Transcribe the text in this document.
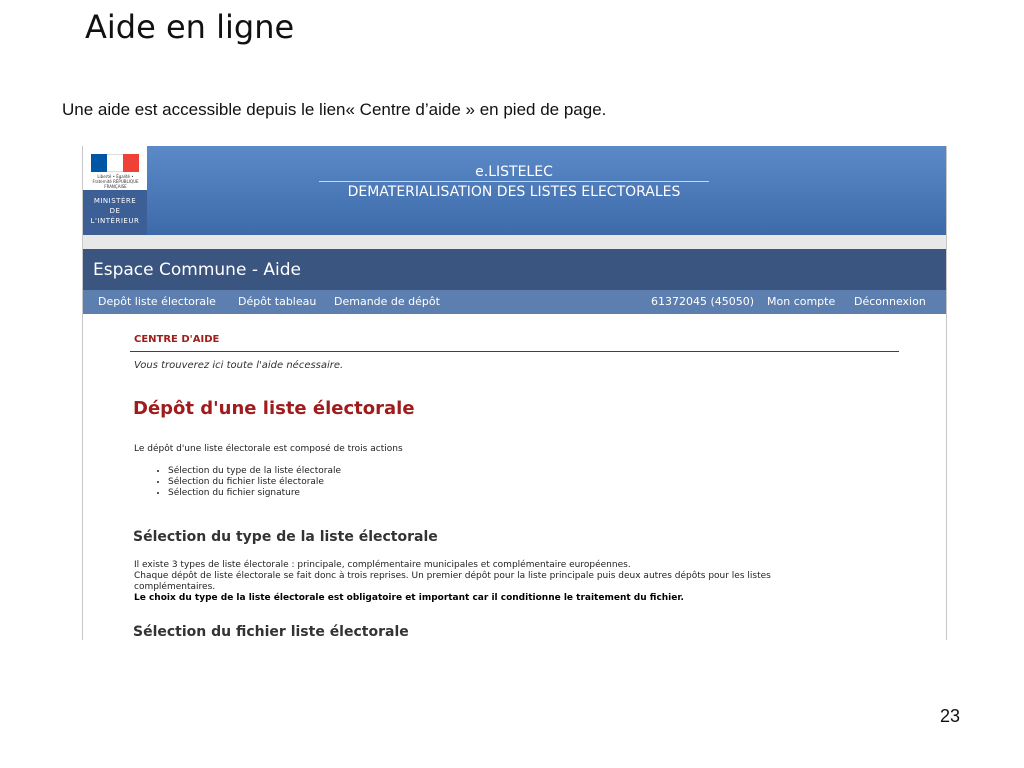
Aide en ligne
Une aide est accessible depuis le lien« Centre d’aide » en pied de page.
Liberté • Égalité • Fraternité RÉPUBLIQUE FRANÇAISE
MINISTÈRE
DE
L'INTÉRIEUR
e.LISTELEC
DEMATERIALISATION DES LISTES ELECTORALES
Espace Commune - Aide
Depôt liste électorale Dépôt tableau Demande de dépôt	61372045 (45050) Mon compte Déconnexion
CENTRE D'AIDE
Vous trouverez ici toute l'aide nécessaire.
Dépôt d'une liste électorale
Le dépôt d'une liste électorale est composé de trois actions
• Sélection du type de la liste électorale
• Sélection du fichier liste électorale
• Sélection du fichier signature
Sélection du type de la liste électorale
Il existe 3 types de liste électorale : principale, complémentaire municipales et complémentaire européennes.
Chaque dépôt de liste électorale se fait donc à trois reprises. Un premier dépôt pour la liste principale puis deux autres dépôts pour les listes
complémentaires.
Le choix du type de la liste électorale est obligatoire et important car il conditionne le traitement du fichier.
Sélection du fichier liste électorale
23
